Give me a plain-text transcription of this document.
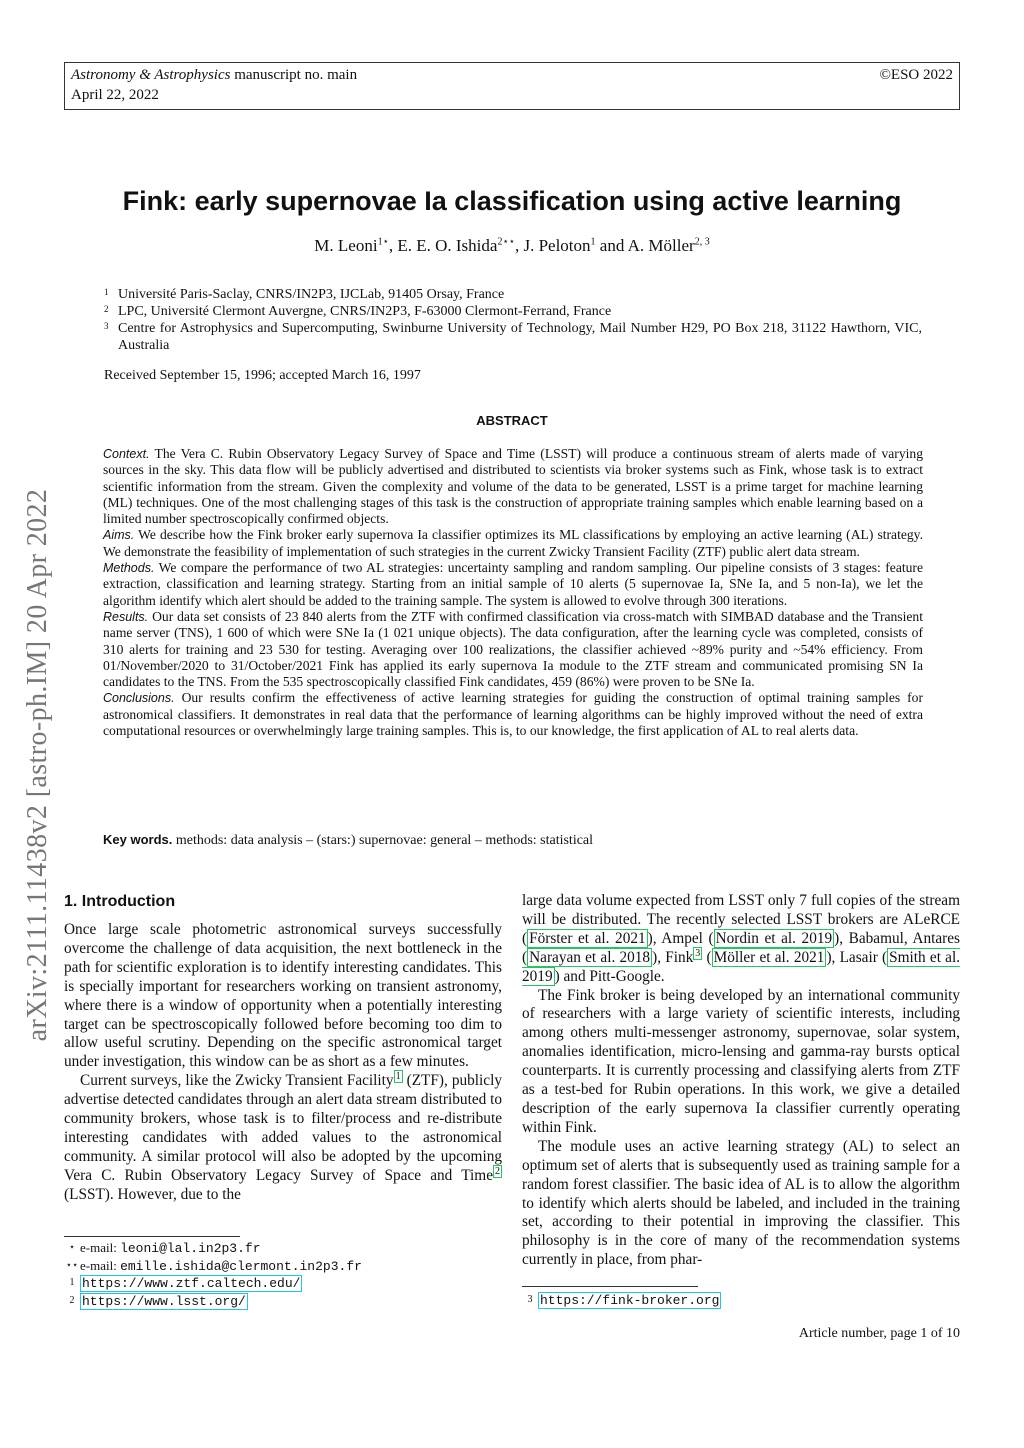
Astronomy & Astrophysics manuscript no. main
April 22, 2022
©ESO 2022
arXiv:2111.11438v2 [astro-ph.IM] 20 Apr 2022
Fink: early supernovae Ia classification using active learning
M. Leoni$^{1⋆}$, E. E. O. Ishida$^{2⋆⋆}$, J. Peloton$^1$ and A. Möller$^{2, 3}$
1 Université Paris-Saclay, CNRS/IN2P3, IJCLab, 91405 Orsay, France
2 LPC, Université Clermont Auvergne, CNRS/IN2P3, F-63000 Clermont-Ferrand, France
3 Centre for Astrophysics and Supercomputing, Swinburne University of Technology, Mail Number H29, PO Box 218, 31122 Hawthorn, VIC, Australia
Received September 15, 1996; accepted March 16, 1997
ABSTRACT

Context. The Vera C. Rubin Observatory Legacy Survey of Space and Time (LSST) will produce a continuous stream of alerts made of varying sources in the sky. This data flow will be publicly advertised and distributed to scientists via broker systems such as Fink, whose task is to extract scientific information from the stream. Given the complexity and volume of the data to be generated, LSST is a prime target for machine learning (ML) techniques. One of the most challenging stages of this task is the construction of appropriate training samples which enable learning based on a limited number spectroscopically confirmed objects.

Aims. We describe how the Fink broker early supernova Ia classifier optimizes its ML classifications by employing an active learning (AL) strategy. We demonstrate the feasibility of implementation of such strategies in the current Zwicky Transient Facility (ZTF) public alert data stream.

Methods. We compare the performance of two AL strategies: uncertainty sampling and random sampling. Our pipeline consists of 3 stages: feature extraction, classification and learning strategy. Starting from an initial sample of 10 alerts (5 supernovae Ia, SNe Ia, and 5 non-Ia), we let the algorithm identify which alert should be added to the training sample. The system is allowed to evolve through 300 iterations.

Results. Our data set consists of 23 840 alerts from the ZTF with confirmed classification via cross-match with SIMBAD database and the Transient name server (TNS), 1 600 of which were SNe Ia (1 021 unique objects). The data configuration, after the learning cycle was completed, consists of 310 alerts for training and 23 530 for testing. Averaging over 100 realizations, the classifier achieved ~89% purity and ~54% efficiency. From 01/November/2020 to 31/October/2021 Fink has applied its early supernova Ia module to the ZTF stream and communicated promising SN Ia candidates to the TNS. From the 535 spectroscopically classified Fink candidates, 459 (86%) were proven to be SNe Ia.

Conclusions. Our results confirm the effectiveness of active learning strategies for guiding the construction of optimal training samples for astronomical classifiers. It demonstrates in real data that the performance of learning algorithms can be highly improved without the need of extra computational resources or overwhelmingly large training samples. This is, to our knowledge, the first application of AL to real alerts data.

Key words. methods: data analysis – (stars:) supernovae: general – methods: statistical
1. Introduction

Once large scale photometric astronomical surveys successfully overcome the challenge of data acquisition, the next bottleneck in the path for scientific exploration is to identify interesting candidates. This is specially important for researchers working on transient astronomy, where there is a window of opportunity when a potentially interesting target can be spectroscopically followed before becoming too dim to allow useful scrutiny. Depending on the specific astronomical target under investigation, this window can be as short as a few minutes.

Current surveys, like the Zwicky Transient Facility $^1$ (ZTF), publicly advertise detected candidates through an alert data stream distributed to community brokers, whose task is to filter/process and re-distribute interesting candidates with added values to the astronomical community. A similar protocol will also be adopted by the upcoming Vera C. Rubin Observatory Legacy Survey of Space and Time $^2$ (LSST). However, due to the

⋆ e-mail: leoni@lal.in2p3.fr
⋆⋆ e-mail: emille.ishida@clermont.in2p3.fr
1 https://www.ztf.caltech.edu/
2 https://www.lsst.org/

large data volume expected from LSST only 7 full copies of the stream will be distributed. The recently selected LSST brokers are ALeRCE ( Förster et al. 2021 ), Ampel ( Nordin et al. 2019 ), Babamul, Antares ( Narayan et al. 2018 ), Fink $^3$ ( Möller et al. 2021 ), Lasair ( Smith et al. 2019 ) and Pitt-Google.

The Fink broker is being developed by an international community of researchers with a large variety of scientific interests, including among others multi-messenger astronomy, supernovae, solar system, anomalies identification, micro-lensing and gamma-ray bursts optical counterparts. It is currently processing and classifying alerts from ZTF as a test-bed for Rubin operations. In this work, we give a detailed description of the early supernova Ia classifier currently operating within Fink.

The module uses an active learning strategy (AL) to select an optimum set of alerts that is subsequently used as training sample for a random forest classifier. The basic idea of AL is to allow the algorithm to identify which alerts should be labeled, and included in the training set, according to their potential in improving the classifier. This philosophy is in the core of many of the recommendation systems currently in place, from phar-

3 https://fink-broker.org
Article number, page 1 of 10
